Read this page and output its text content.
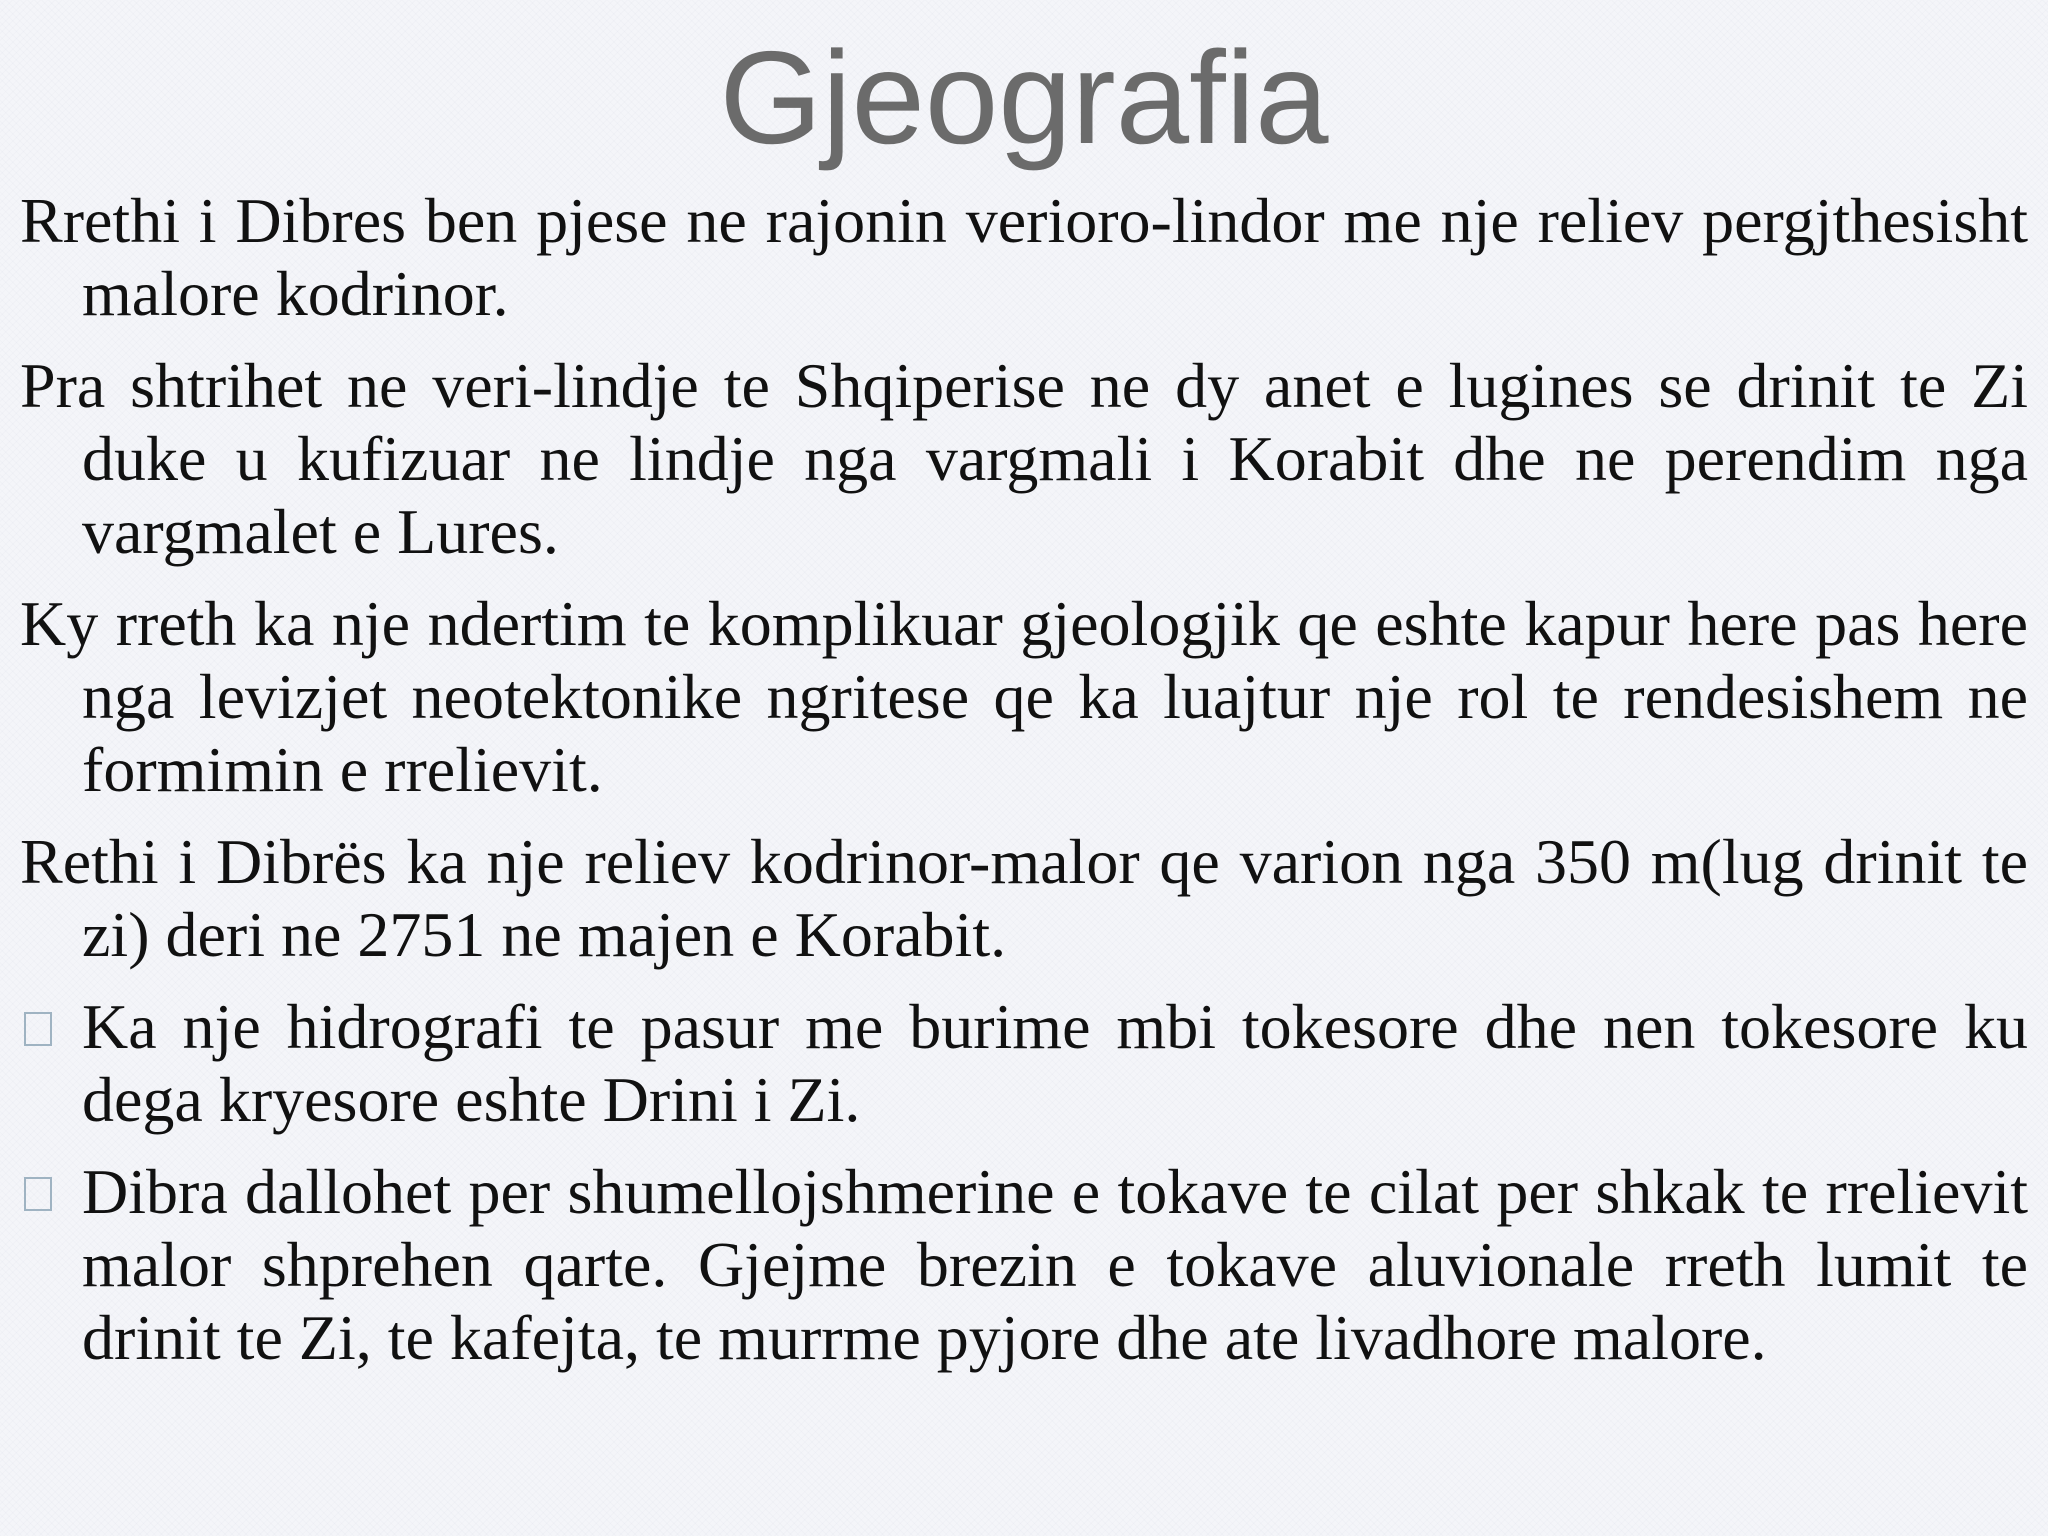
Gjeografia

Rrethi i Dibres ben pjese ne rajonin verioro-lindor me nje reliev pergjthesisht malore kodrinor.

Pra shtrihet ne veri-lindje te Shqiperise ne dy anet e lugines se drinit te Zi duke u kufizuar ne lindje nga vargmali i Korabit dhe ne perendim nga vargmalet e Lures.

Ky rreth ka nje ndertim te komplikuar gjeologjik qe eshte kapur here pas here nga levizjet neotektonike ngritese qe ka luajtur nje rol te rendesishem ne formimin e rrelievit.

Rethi i Dibrës ka nje reliev kodrinor-malor qe varion nga 350 m(lug drinit te zi) deri ne 2751 ne majen e Korabit.

Ka nje hidrografi te pasur me burime mbi tokesore dhe nen tokesore ku dega kryesore eshte Drini i Zi.
Dibra dallohet per shumellojshmerine e tokave te cilat per shkak te rrelievit malor shprehen qarte. Gjejme brezin e tokave aluvionale rreth lumit te drinit te Zi, te kafejta, te murrme pyjore dhe ate livadhore malore.
